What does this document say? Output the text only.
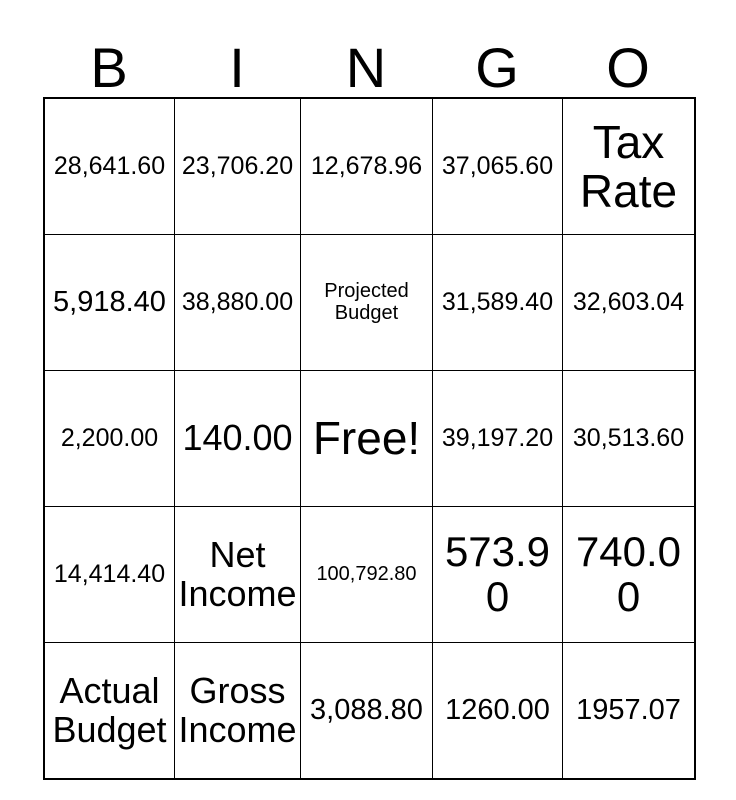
B	I	N	G	O
28,641.60	23,706.20	12,678.96	37,065.60	Tax Rate

5,918.40	38,880.00	Projected Budget	31,589.40	32,603.04

2,200.00	140.00	Free!	39,197.20	30,513.60

14,414.40	Net Income	100,792.80	573.90	740.00

Actual Budget	Gross Income	3,088.80	1260.00	1957.07
